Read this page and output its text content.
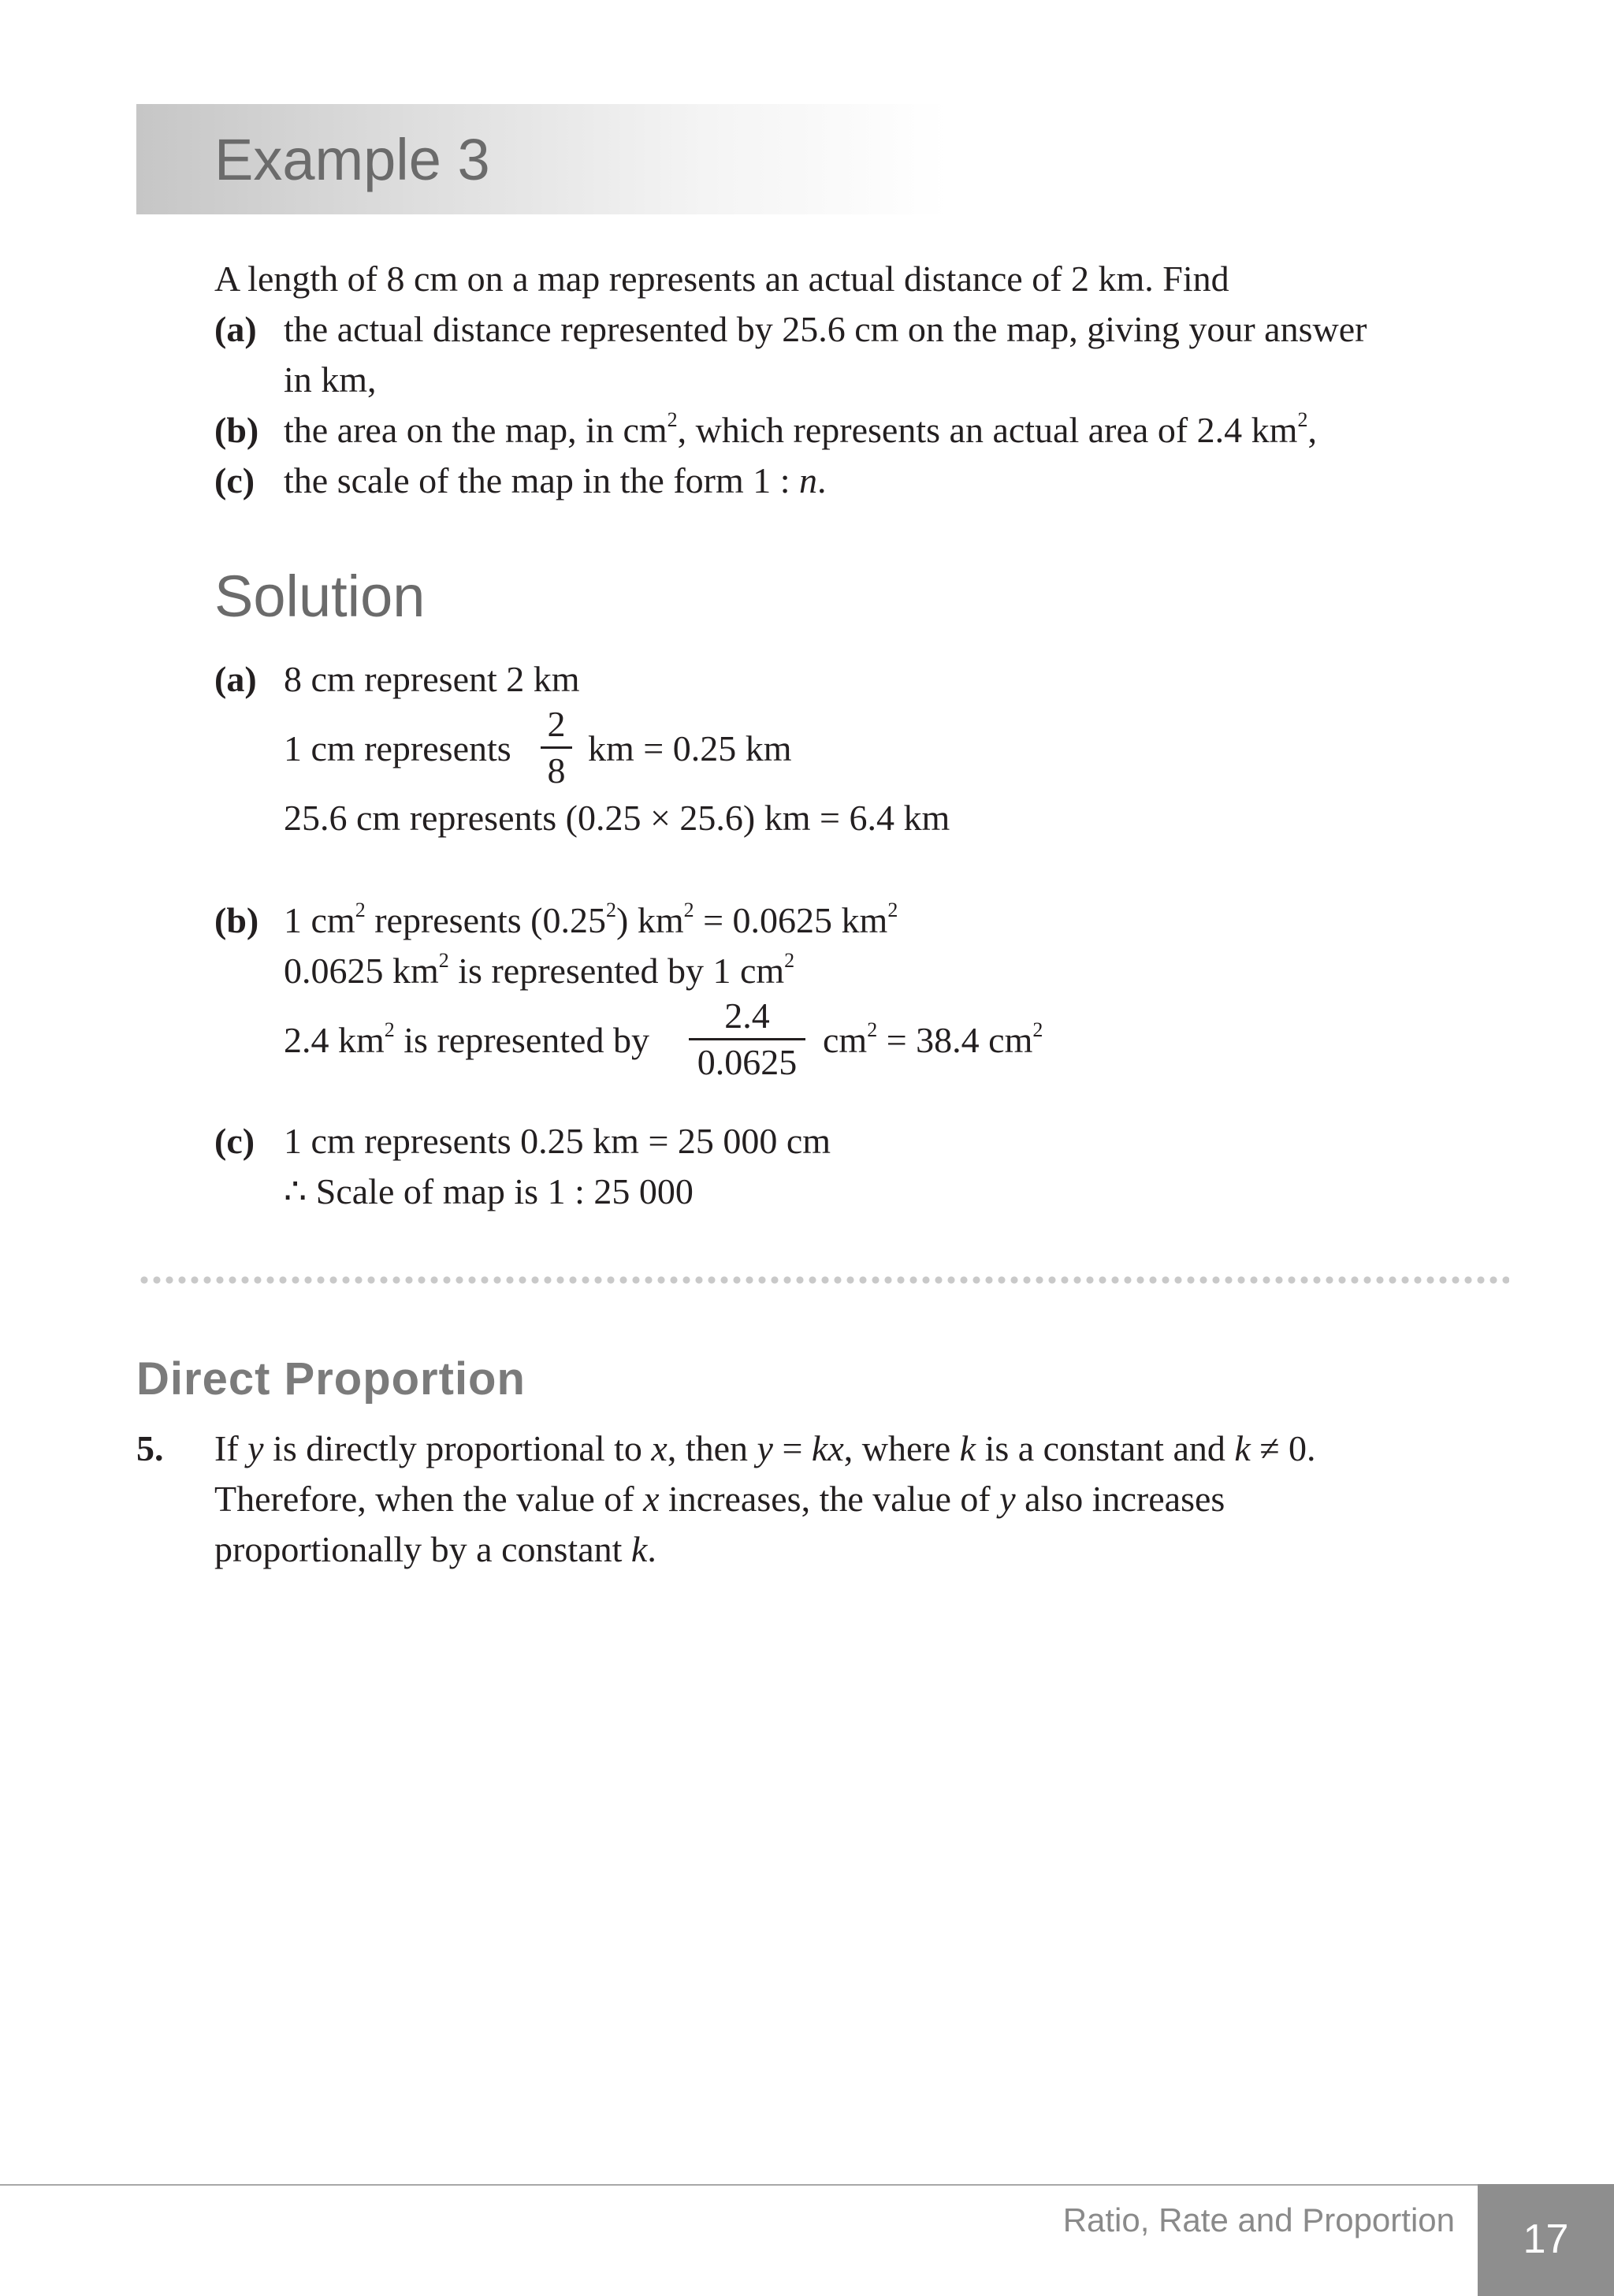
Example 3
A length of 8 cm on a map represents an actual distance of 2 km. Find
(a) the actual distance represented by 25.6 cm on the map, giving your answer
in km,
(b) the area on the map, in $cm^2$, which represents an actual area of 2.4 $km^2$,
(c) the scale of the map in the form 1 : n.
Solution
(a) 8 cm represent 2 km
1 cm represents
2
8
km = 0.25 km
25.6 cm represents (0.25 × 25.6) km = 6.4 km
(b) 1 $cm^2$ represents (0.25$^2$) $km^2 = 0.0625$ $km^2$
0.0625 $km^2$ is represented by 1 $cm^2$
2.4 $km^2$ is represented by
2.4
0.0625
$cm^2 = 38.4$ $cm^2$
(c) 1 cm represents 0.25 km = 25 000 cm
∴ Scale of map is 1 : 25 000
Direct Proportion
5. If y is directly proportional to x, then y = kx, where k is a constant and k ≠ 0.
Therefore, when the value of x increases, the value of y also increases
proportionally by a constant k.
Ratio, Rate and Proportion	17
